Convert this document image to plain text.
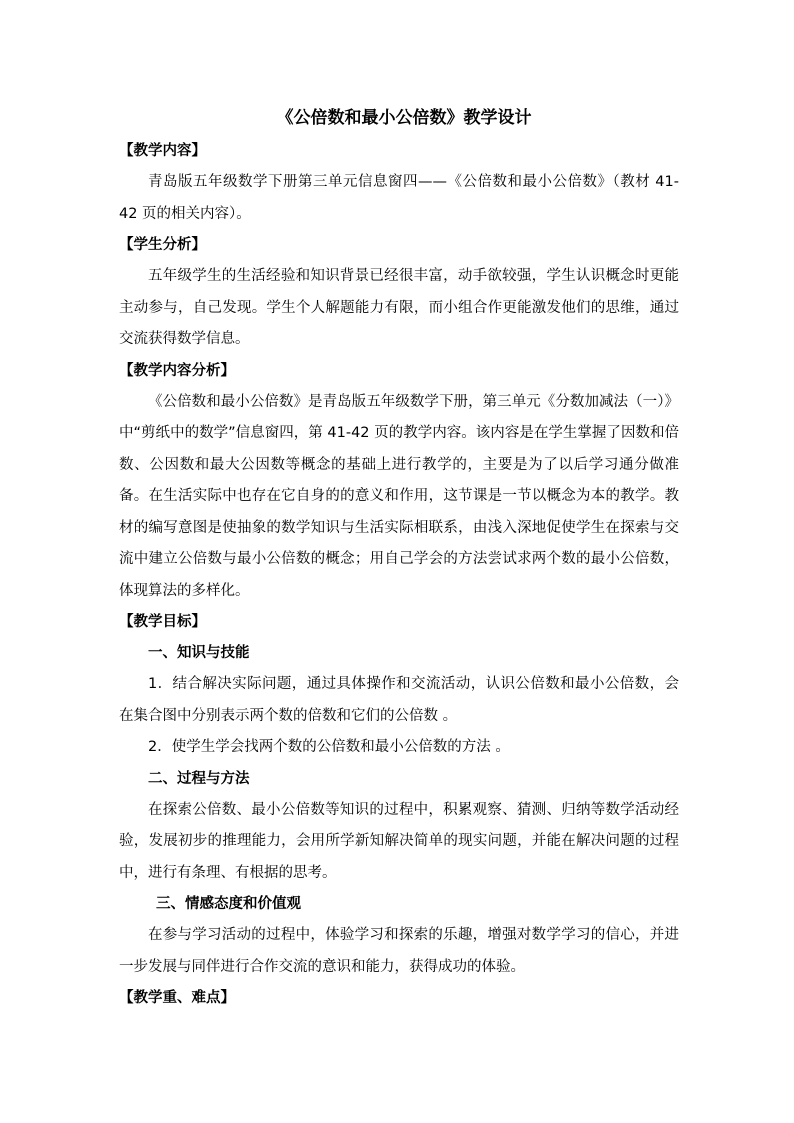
《公倍数和最小公倍数》教学设计

【教学内容】

青岛版五年级数学下册第三单元信息窗四——《公倍数和最小公倍数》（教材 41-42 页的相关内容）。

【学生分析】

五年级学生的生活经验和知识背景已经很丰富，动手欲较强，学生认识概念时更能主动参与，自己发现。学生个人解题能力有限，而小组合作更能激发他们的思维，通过交流获得数学信息。

【教学内容分析】

《公倍数和最小公倍数》是青岛版五年级数学下册，第三单元《分数加减法（一）》中“剪纸中的数学”信息窗四，第 41-42 页的教学内容。该内容是在学生掌握了因数和倍数、公因数和最大公因数等概念的基础上进行教学的，主要是为了以后学习通分做准备。在生活实际中也存在它自身的的意义和作用，这节课是一节以概念为本的教学。教材的编写意图是使抽象的数学知识与生活实际相联系，由浅入深地促使学生在探索与交流中建立公倍数与最小公倍数的概念；用自己学会的方法尝试求两个数的最小公倍数，体现算法的多样化。

【教学目标】

一、知识与技能

1．结合解决实际问题，通过具体操作和交流活动，认识公倍数和最小公倍数，会在集合图中分别表示两个数的倍数和它们的公倍数 。

2．使学生学会找两个数的公倍数和最小公倍数的方法 。

二、过程与方法

在探索公倍数、最小公倍数等知识的过程中，积累观察、猜测、归纳等数学活动经验，发展初步的推理能力，会用所学新知解决简单的现实问题，并能在解决问题的过程中，进行有条理、有根据的思考。

三、情感态度和价值观

在参与学习活动的过程中，体验学习和探索的乐趣，增强对数学学习的信心，并进一步发展与同伴进行合作交流的意识和能力，获得成功的体验。

【教学重、难点】
